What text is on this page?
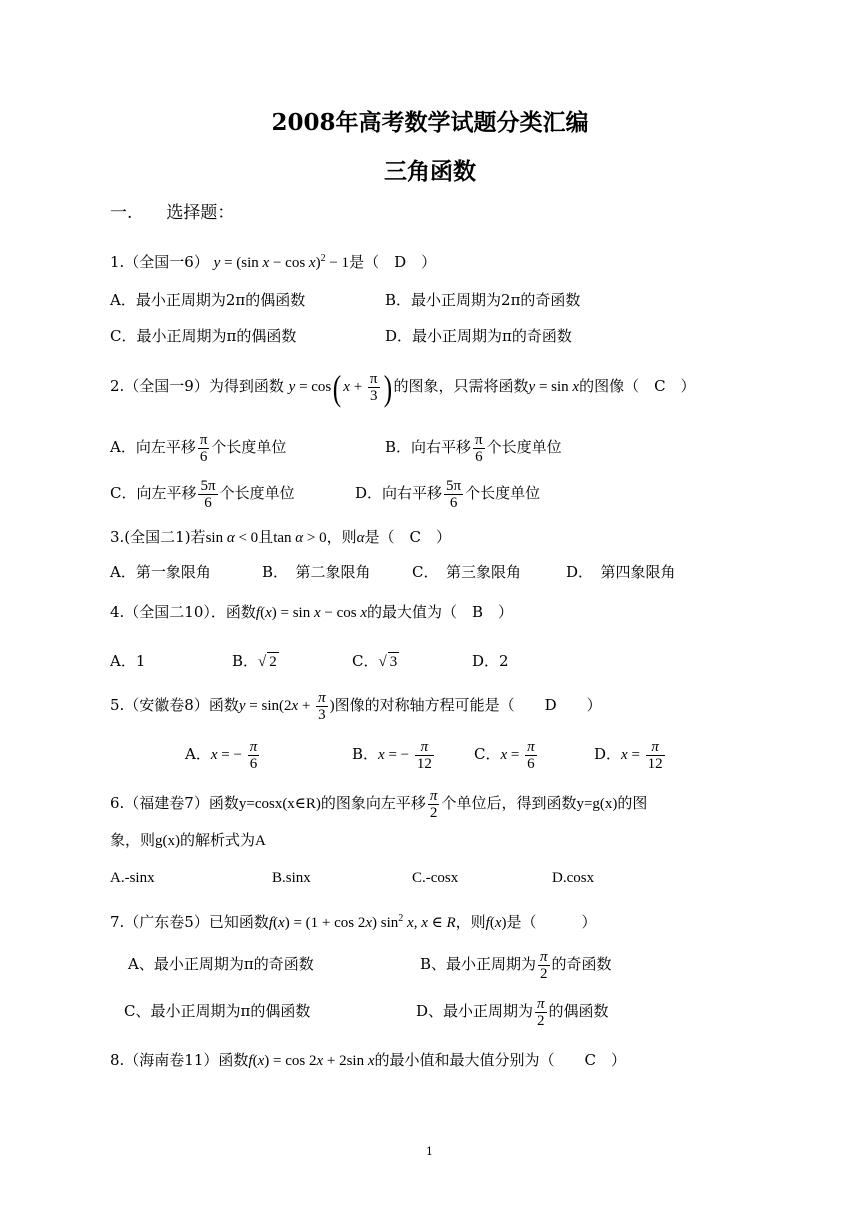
2008年高考数学试题分类汇编
三角函数
一.　　选择题：
1.（全国一6） y = (sin x − cos x)$^2$ − 1是（　D　）
A．最小正周期为2π的偶函数	B．最小正周期为2π的奇函数
C．最小正周期为π的偶函数	D．最小正周期为π的奇函数
2.（全国一9）为得到函数 y = cos( $x + \frac{\pi}{3}$ ) 的图象，只需将函数y = sin x的图像（　C　）
A．向左平移 $\frac{\pi}{6}$ 个长度单位	B．向右平移 $\frac{\pi}{6}$ 个长度单位
C．向左平移 $\frac{5\pi}{6}$ 个长度单位	D．向右平移 $\frac{5\pi}{6}$ 个长度单位
3.(全国二1)若sin α < 0且tan α > 0，则α是（　C　）
A．第一象限角	B．　第二象限角	C．　第三象限角	D．　第四象限角
4.（全国二10）．函数f(x) = sin x − cos x的最大值为（　B　）
A．1	B．√ 2	C．√ 3	D．2
5.（安徽卷8）函数$y = \sin(2x + \frac{\pi}{3}$ )图像的对称轴方程可能是（　　D　　）
A．x = − $\frac{\pi}{6}$	B．x = − $\frac{\pi}{12}$	C．$x = \frac{\pi}{6}$	D．$x = \frac{\pi}{12}$
6.（福建卷7）函数y=cosx(x∈R)的图象向左平移 $\frac{\pi}{2}$ 个单位后，得到函数y=g(x)的图
象，则g(x)的解析式为A
A.-sinx	B.sinx	C.-cosx	D.cosx
7.（广东卷5）已知函数f(x) = (1 + cos 2x) $\sin^2 x$, x ∈ R，则f(x)是（　　　）
A、最小正周期为π的奇函数	B、最小正周期为 $\frac{\pi}{2}$ 的奇函数
C、最小正周期为π的偶函数	D、最小正周期为 $\frac{\pi}{2}$ 的偶函数
8.（海南卷11）函数f(x) = cos 2x + 2sin x的最小值和最大值分别为（　　C　）
1
